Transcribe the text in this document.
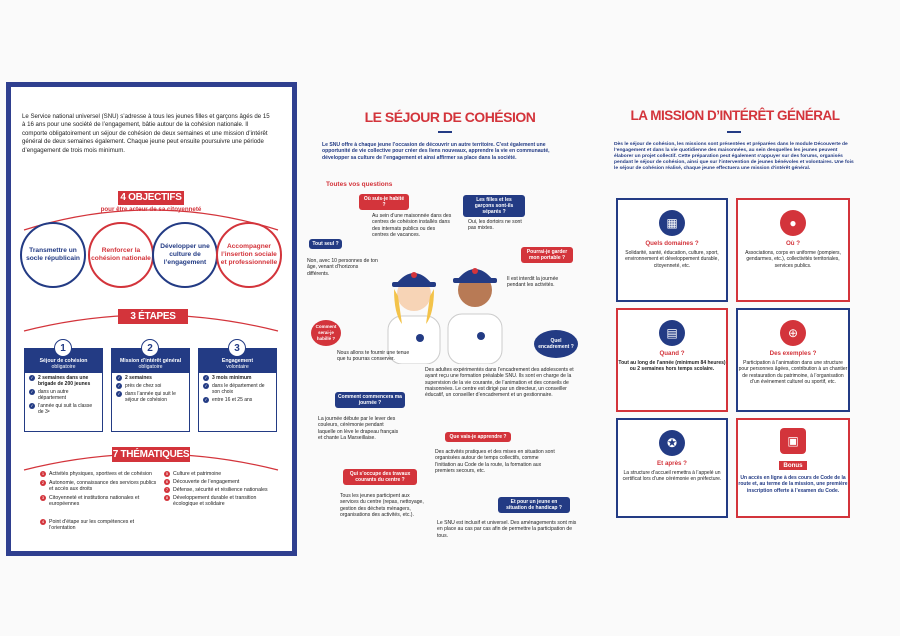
Le Service national universel (SNU) s’adresse à tous les jeunes filles et garçons âgés de 15 à 16 ans pour une société de l’engagement, bâtie autour de la cohésion nationale. Il comporte obligatoirement un séjour de cohésion de deux semaines et une mission d’intérêt général de deux semaines également. Chaque jeune peut ensuite poursuivre une période d’engagement de trois mois minimum.
4 OBJECTIFS
pour être acteur de sa citoyenneté
Transmettre un socle républicain
Renforcer la cohésion nationale
Développer une culture de l’engagement
Accompagner l’insertion sociale et professionnelle
3 ÉTAPES CLÉS
Séjour de cohésion
obligatoire
✓ 2 semaines dans une brigade de 200 jeunes
✓ dans un autre département
✓ l’année qui suit la classe de 3ᵉ
1
Mission d’intérêt général
obligatoire
✓ 2 semaines
✓ près de chez soi
✓ dans l’année qui suit le séjour de cohésion
2
Engagement
volontaire
✓ 3 mois minimum
✓ dans le département de son choix
✓ entre 16 et 25 ans
3
7 THÉMATIQUES
1 Activités physiques, sportives et de cohésion
2 Autonomie, connaissance des services publics et accès aux droits
3 Citoyenneté et institutions nationales et européennes
4 Point d’étape sur les compétences et l’orientation
5 Culture et patrimoine
6 Découverte de l’engagement
7 Défense, sécurité et résilience nationales
8 Développement durable et transition écologique et solidaire
LE SÉJOUR DE COHÉSION
Le SNU offre à chaque jeune l’occasion de découvrir un autre territoire. C’est également une opportunité de vie collective pour créer des liens nouveaux, apprendre la vie en communauté, développer sa culture de l’engagement et ainsi affirmer sa place dans la société.
Toutes vos questions
Où suis-je habité ?
Au sein d’une maisonnée dans des centres de cohésion installés dans des internats publics ou des centres de vacances.
Les filles et les garçons sont-ils séparés ?
Oui, les dortoirs ne sont pas mixtes.
Tout seul ?
Non, avec 10 personnes de ton âge, venant d’horizons différents.
Pourrai-je garder mon portable ?
Il est interdit la journée pendant les activités.
Comment serai-je habillé ?
Nous allons te fournir une tenue que tu pourras conserver.
Quel encadrement ?
Des adultes expérimentés dans l’encadrement des adolescents et ayant reçu une formation préalable SNU. Ils sont en charge de la supervision de la vie courante, de l’animation et des conseils de maisonnées. Le centre est dirigé par un directeur, un conseiller éducatif, un conseiller d’encadrement et un gestionnaire.
Comment commencera ma journée ?
La journée débute par le lever des couleurs, cérémonie pendant laquelle on lève le drapeau français et chante La Marseillaise.	Que vais-je apprendre ?
Des activités pratiques et des mises en situation sont organisées autour de temps collectifs, comme l’initiation au Code de la route, la formation aux premiers secours, etc.
Qui s’occupe des travaux courants du centre ?
Tous les jeunes participent aux services du centre (repas, nettoyage, gestion des déchets ménagers, organisations des activités, etc.).
Et pour un jeune en situation de handicap ?
Le SNU est inclusif et universel. Des aménagements sont mis en place au cas par cas afin de permettre la participation de tous.
LA MISSION D’INTÉRÊT GÉNÉRAL
Dès le séjour de cohésion, les missions sont présentées et préparées dans le module Découverte de l’engagement et dans la vie quotidienne des maisonnées, au sein desquelles les jeunes peuvent élaborer un projet collectif. Cette préparation peut également s’appuyer sur des forums, organisés pendant le séjour de cohésion, ainsi que sur l’intervention de jeunes bénévoles et volontaires. Une fois le séjour de cohésion réalisé, chaque jeune effectuera une mission d’intérêt général.
▦
Quels domaines ?
Solidarité, santé, éducation, culture, sport, environnement et développement durable, citoyenneté, etc.
●
Où ?
Associations, corps en uniforme (pompiers, gendarmes, etc.), collectivités territoriales, services publics.
▤
Quand ?
Tout au long de l’année (minimum 84 heures) ou 2 semaines hors temps scolaire.
⊕
Des exemples ?
Participation à l’animation dans une structure pour personnes âgées, contribution à un chantier de restauration du patrimoine, à l’organisation d’un événement culturel ou sportif, etc.
✪
Et après ?
La structure d’accueil remettra à l’appelé un certificat lors d’une cérémonie en préfecture.
▣
Bonus
Un accès en ligne à des cours de Code de la route et, au terme de la mission, une première inscription offerte à l’examen du Code.
